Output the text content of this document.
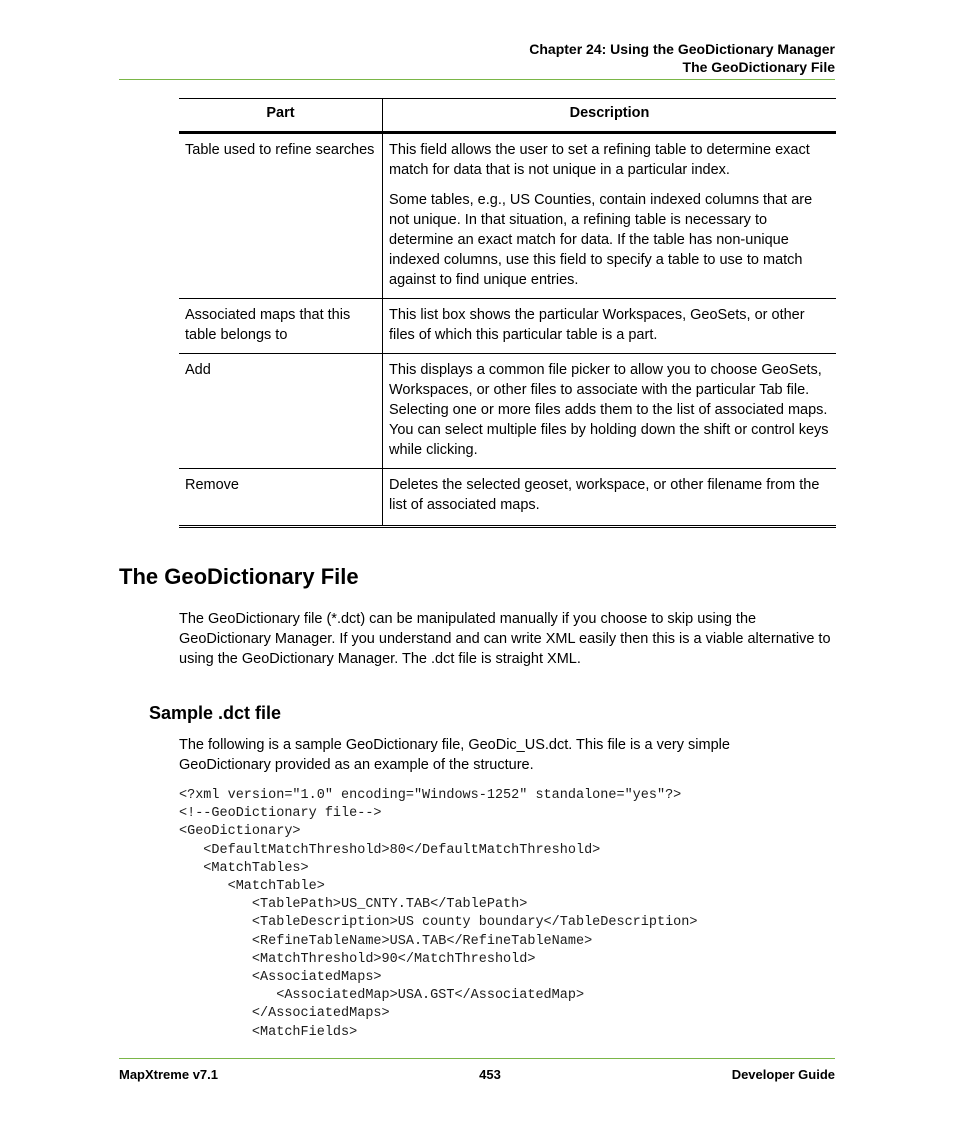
Chapter 24: Using the GeoDictionary Manager
The GeoDictionary File
Part	Description
Table used to refine searches	This field allows the user to set a refining table to determine exact match for data that is not unique in a particular index.

Some tables, e.g., US Counties, contain indexed columns that are not unique. In that situation, a refining table is necessary to determine an exact match for data. If the table has non-unique indexed columns, use this field to specify a table to use to match against to find unique entries.

Associated maps that this table belongs to	This list box shows the particular Workspaces, GeoSets, or other files of which this particular table is a part.

Add	This displays a common file picker to allow you to choose GeoSets, Workspaces, or other files to associate with the particular Tab file. Selecting one or more files adds them to the list of associated maps. You can select multiple files by holding down the shift or control keys while clicking.

Remove	Deletes the selected geoset, workspace, or other filename from the list of associated maps.

The GeoDictionary File

The GeoDictionary file (*.dct) can be manipulated manually if you choose to skip using the GeoDictionary Manager. If you understand and can write XML easily then this is a viable alternative to using the GeoDictionary Manager. The .dct file is straight XML.

Sample .dct file

The following is a sample GeoDictionary file, GeoDic_US.dct. This file is a very simple GeoDictionary provided as an example of the structure.

<?xml version="1.0" encoding="Windows-1252" standalone="yes"?>
<!--GeoDictionary file-->
<GeoDictionary>
<DefaultMatchThreshold>80</DefaultMatchThreshold>
<MatchTables>
<MatchTable>
<TablePath>US_CNTY.TAB</TablePath>
<TableDescription>US county boundary</TableDescription>
<RefineTableName>USA.TAB</RefineTableName>
<MatchThreshold>90</MatchThreshold>
<AssociatedMaps>
<AssociatedMap>USA.GST</AssociatedMap>
</AssociatedMaps>
<MatchFields>
MapXtreme v7.1	453	Developer Guide
